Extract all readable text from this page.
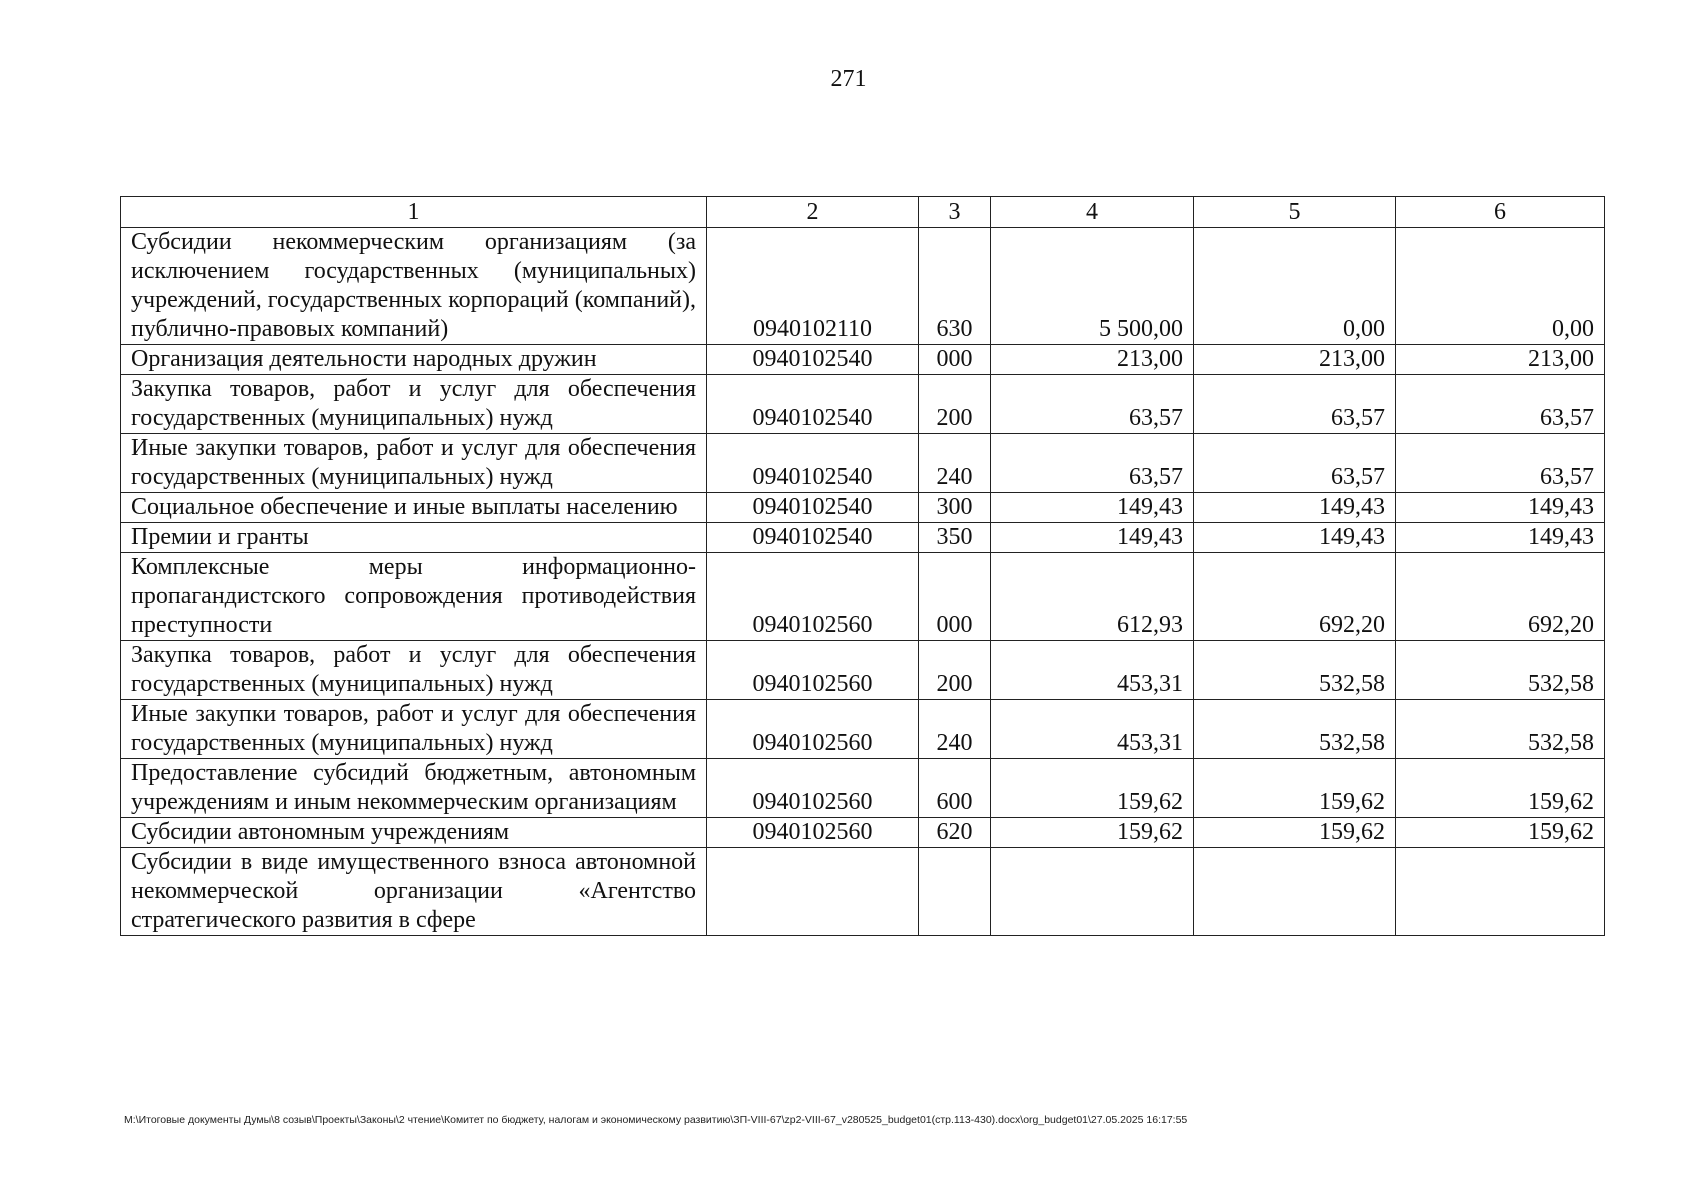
271
1	2	3	4	5	6
Субсидии некоммерческим организациям (за исключением государственных (муниципальных) учреждений, государственных корпораций (компаний), публично-правовых компаний)	0940102110	630	5 500,00	0,00	0,00
Организация деятельности народных дружин	0940102540	000	213,00	213,00	213,00
Закупка товаров, работ и услуг для обеспечения государственных (муниципальных) нужд	0940102540	200	63,57	63,57	63,57
Иные закупки товаров, работ и услуг для обеспечения государственных (муниципальных) нужд	0940102540	240	63,57	63,57	63,57
Социальное обеспечение и иные выплаты населению	0940102540	300	149,43	149,43	149,43
Премии и гранты	0940102540	350	149,43	149,43	149,43
Комплексные меры информационно-пропагандистского сопровождения противодействия преступности	0940102560	000	612,93	692,20	692,20
Закупка товаров, работ и услуг для обеспечения государственных (муниципальных) нужд	0940102560	200	453,31	532,58	532,58
Иные закупки товаров, работ и услуг для обеспечения государственных (муниципальных) нужд	0940102560	240	453,31	532,58	532,58
Предоставление субсидий бюджетным, автономным учреждениям и иным некоммерческим организациям	0940102560	600	159,62	159,62	159,62
Субсидии автономным учреждениям	0940102560	620	159,62	159,62	159,62
Субсидии в виде имущественного взноса автономной некоммерческой организации «Агентство стратегического развития в сфере					
M:\Итоговые документы Думы\8 созыв\Проекты\Законы\2 чтение\Комитет по бюджету, налогам и экономическому развитию\ЗП-VIII-67\zp2-VIII-67_v280525_budget01(стр.113-430).docx\org_budget01\27.05.2025 16:17:55
